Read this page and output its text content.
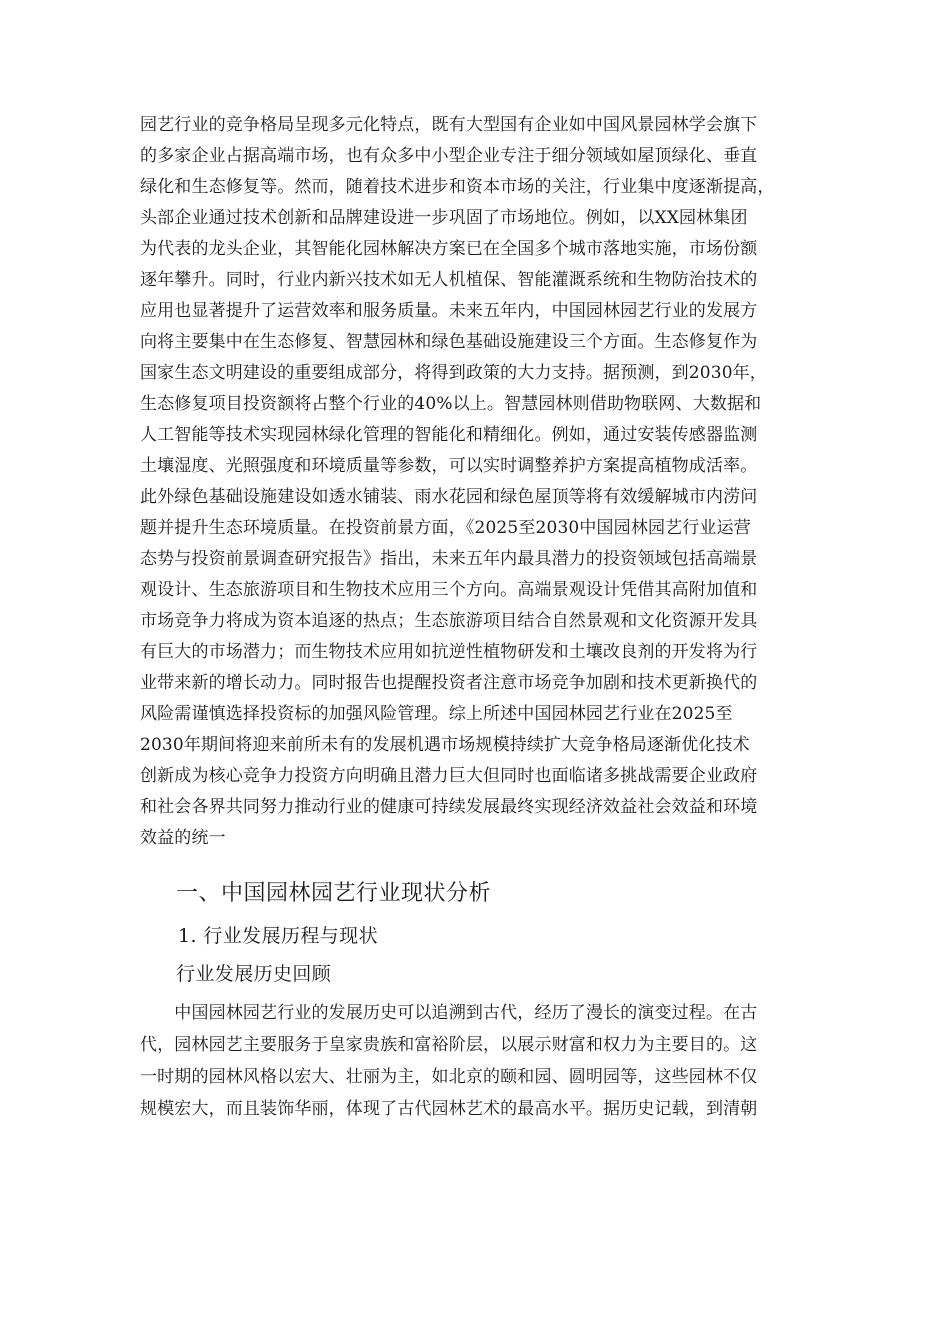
园艺行业的竞争格局呈现多元化特点，既有大型国有企业如中国风景园林学会旗下
的多家企业占据高端市场，也有众多中小型企业专注于细分领域如屋顶绿化、垂直
绿化和生态修复等。然而，随着技术进步和资本市场的关注，行业集中度逐渐提高，
头部企业通过技术创新和品牌建设进一步巩固了市场地位。例如，以XX园林集团
为代表的龙头企业，其智能化园林解决方案已在全国多个城市落地实施，市场份额
逐年攀升。同时，行业内新兴技术如无人机植保、智能灌溉系统和生物防治技术的
应用也显著提升了运营效率和服务质量。未来五年内，中国园林园艺行业的发展方
向将主要集中在生态修复、智慧园林和绿色基础设施建设三个方面。生态修复作为
国家生态文明建设的重要组成部分，将得到政策的大力支持。据预测，到2030年，
生态修复项目投资额将占整个行业的40%以上。智慧园林则借助物联网、大数据和
人工智能等技术实现园林绿化管理的智能化和精细化。例如，通过安装传感器监测
土壤湿度、光照强度和环境质量等参数，可以实时调整养护方案提高植物成活率。
此外绿色基础设施建设如透水铺装、雨水花园和绿色屋顶等将有效缓解城市内涝问
题并提升生态环境质量。在投资前景方面，《2025至2030中国园林园艺行业运营
态势与投资前景调查研究报告》指出，未来五年内最具潜力的投资领域包括高端景
观设计、生态旅游项目和生物技术应用三个方向。高端景观设计凭借其高附加值和
市场竞争力将成为资本追逐的热点；生态旅游项目结合自然景观和文化资源开发具
有巨大的市场潜力；而生物技术应用如抗逆性植物研发和土壤改良剂的开发将为行
业带来新的增长动力。同时报告也提醒投资者注意市场竞争加剧和技术更新换代的
风险需谨慎选择投资标的加强风险管理。综上所述中国园林园艺行业在2025至
2030年期间将迎来前所未有的发展机遇市场规模持续扩大竞争格局逐渐优化技术
创新成为核心竞争力投资方向明确且潜力巨大但同时也面临诸多挑战需要企业政府
和社会各界共同努力推动行业的健康可持续发展最终实现经济效益社会效益和环境
效益的统一
一、中国园林园艺行业现状分析
1. 行业发展历程与现状
行业发展历史回顾
　　中国园林园艺行业的发展历史可以追溯到古代，经历了漫长的演变过程。在古
代，园林园艺主要服务于皇家贵族和富裕阶层，以展示财富和权力为主要目的。这
一时期的园林风格以宏大、壮丽为主，如北京的颐和园、圆明园等，这些园林不仅
规模宏大，而且装饰华丽，体现了古代园林艺术的最高水平。据历史记载，到清朝
